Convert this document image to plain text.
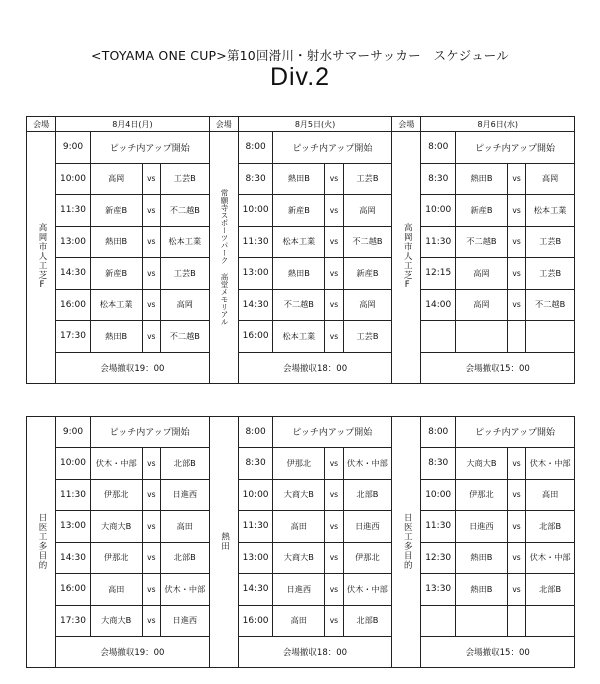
<TOYAMA ONE CUP>第10回滑川・射水サマーサッカー　スケジュール
Div.2
会場	8月4日(月)				会場	8月5日(火)				会場	8月6日(水)			
高岡市人工芝F	9:00	ピッチ内アップ開始			常願寺スポーツパーク 高堂メモリアル	8:00	ピッチ内アップ開始			高岡市人工芝F	8:00	ピッチ内アップ開始		
	10:00	高岡	vs	工芸B		8:30	熱田B	vs	工芸B		8:30	熱田B	vs	高岡
	11:30	新産B	vs	不二越B		10:00	新産B	vs	高岡		10:00	新産B	vs	松本工業
	13:00	熱田B	vs	松本工業		11:30	松本工業	vs	不二越B		11:30	不二越B	vs	工芸B
	14:30	新産B	vs	工芸B		13:00	熱田B	vs	新産B		12:15	高岡	vs	工芸B
	16:00	松本工業	vs	高岡		14:30	不二越B	vs	高岡		14:00	高岡	vs	不二越B
	17:30	熱田B	vs	不二越B		16:00	松本工業	vs	工芸B					
	会場撤収19：00					会場撤収18：00					会場撤収15：00			

日医工多目的	9:00	ピッチ内アップ開始			熱田	8:00	ピッチ内アップ開始			日医工多目的	8:00	ピッチ内アップ開始		
	10:00	伏木・中部	vs	北部B		8:30	伊那北	vs	伏木・中部		8:30	大商大B	vs	伏木・中部
	11:30	伊那北	vs	日進西		10:00	大商大B	vs	北部B		10:00	伊那北	vs	高田
	13:00	大商大B	vs	高田		11:30	高田	vs	日進西		11:30	日進西	vs	北部B
	14:30	伊那北	vs	北部B		13:00	大商大B	vs	伊那北		12:30	熱田B	vs	伏木・中部
	16:00	高田	vs	伏木・中部		14:30	日進西	vs	伏木・中部		13:30	熱田B	vs	北部B
	17:30	大商大B	vs	日進西		16:00	高田	vs	北部B					
	会場撤収19：00					会場撤収18：00					会場撤収15：00			
